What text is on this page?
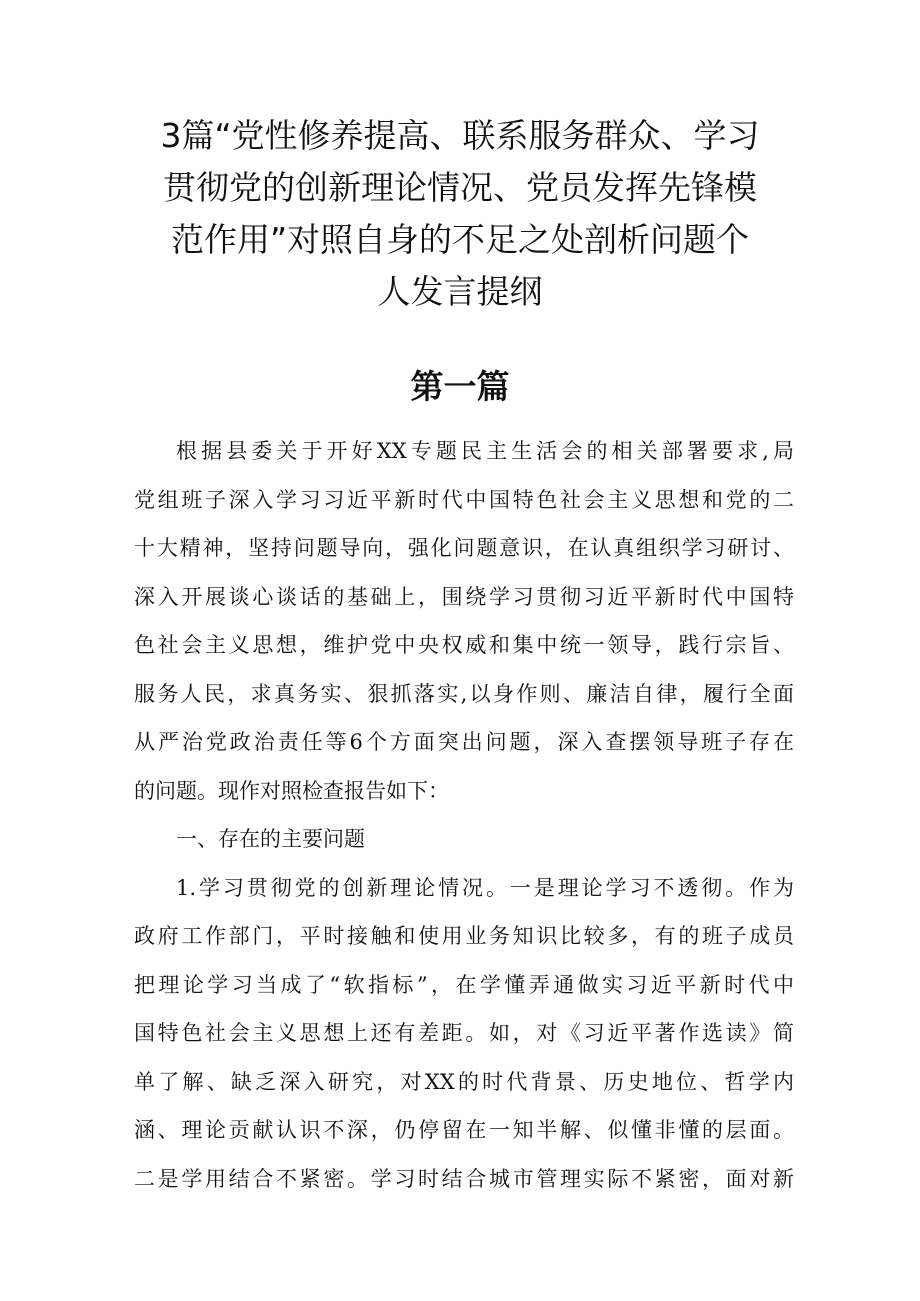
3篇“党性修养提高、联系服务群众、学习
贯彻党的创新理论情况、党员发挥先锋模
范作用”对照自身的不足之处剖析问题个
人发言提纲
第一篇

根据县委关于开好XX专题民主生活会的相关部署要求,局

党组班子深入学习习近平新时代中国特色社会主义思想和党的二

十大精神，坚持问题导向，强化问题意识，在认真组织学习研讨、

深入开展谈心谈话的基础上，围绕学习贯彻习近平新时代中国特

色社会主义思想，维护党中央权威和集中统一领导，践行宗旨、

服务人民，求真务实、狠抓落实,以身作则、廉洁自律，履行全面

从严治党政治责任等6个方面突出问题，深入查摆领导班子存在

的问题。现作对照检查报告如下：

一、存在的主要问题

1.学习贯彻党的创新理论情况。一是理论学习不透彻。作为

政府工作部门，平时接触和使用业务知识比较多，有的班子成员

把理论学习当成了“软指标”，在学懂弄通做实习近平新时代中

国特色社会主义思想上还有差距。如，对《习近平著作选读》简

单了解、缺乏深入研究，对XX的时代背景、历史地位、哲学内

涵、理论贡献认识不深，仍停留在一知半解、似懂非懂的层面。

二是学用结合不紧密。学习时结合城市管理实际不紧密，面对新
